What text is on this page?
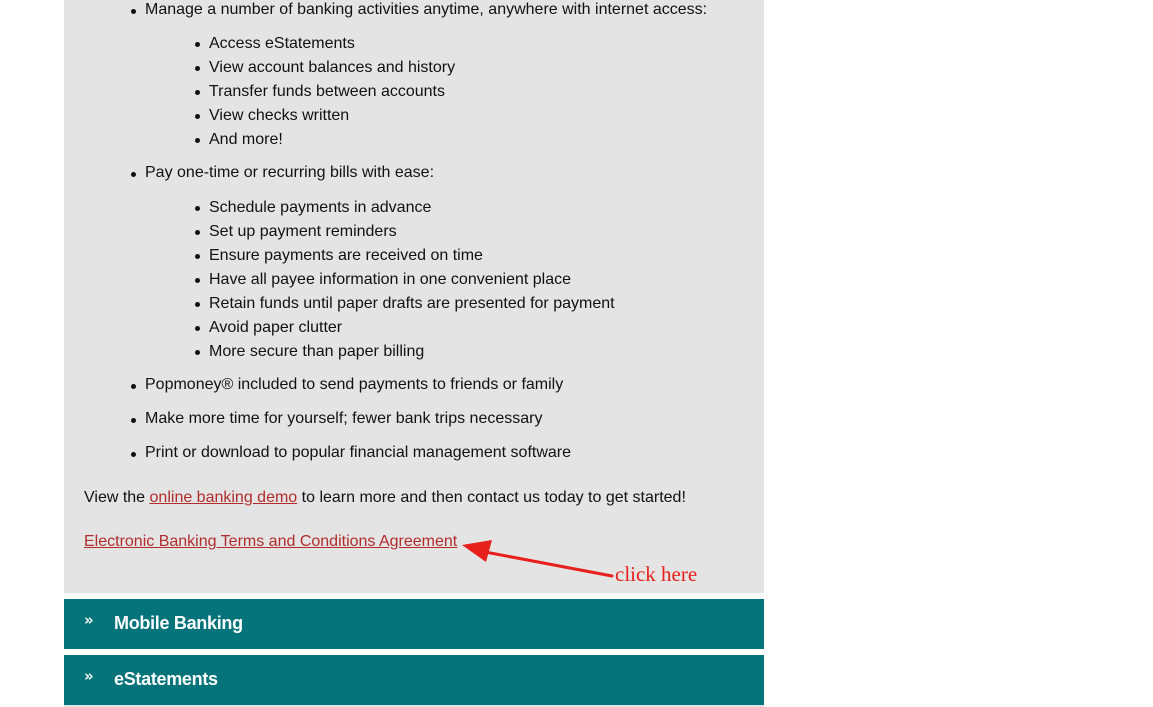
Manage a number of banking activities anytime, anywhere with internet access:
Access eStatements
View account balances and history
Transfer funds between accounts
View checks written
And more!
Pay one-time or recurring bills with ease:
Schedule payments in advance
Set up payment reminders
Ensure payments are received on time
Have all payee information in one convenient place
Retain funds until paper drafts are presented for payment
Avoid paper clutter
More secure than paper billing
Popmoney® included to send payments to friends or family
Make more time for yourself; fewer bank trips necessary
Print or download to popular financial management software
View the online banking demo to learn more and then contact us today to get started!
Electronic Banking Terms and Conditions Agreement
click here
» Mobile Banking
» eStatements
